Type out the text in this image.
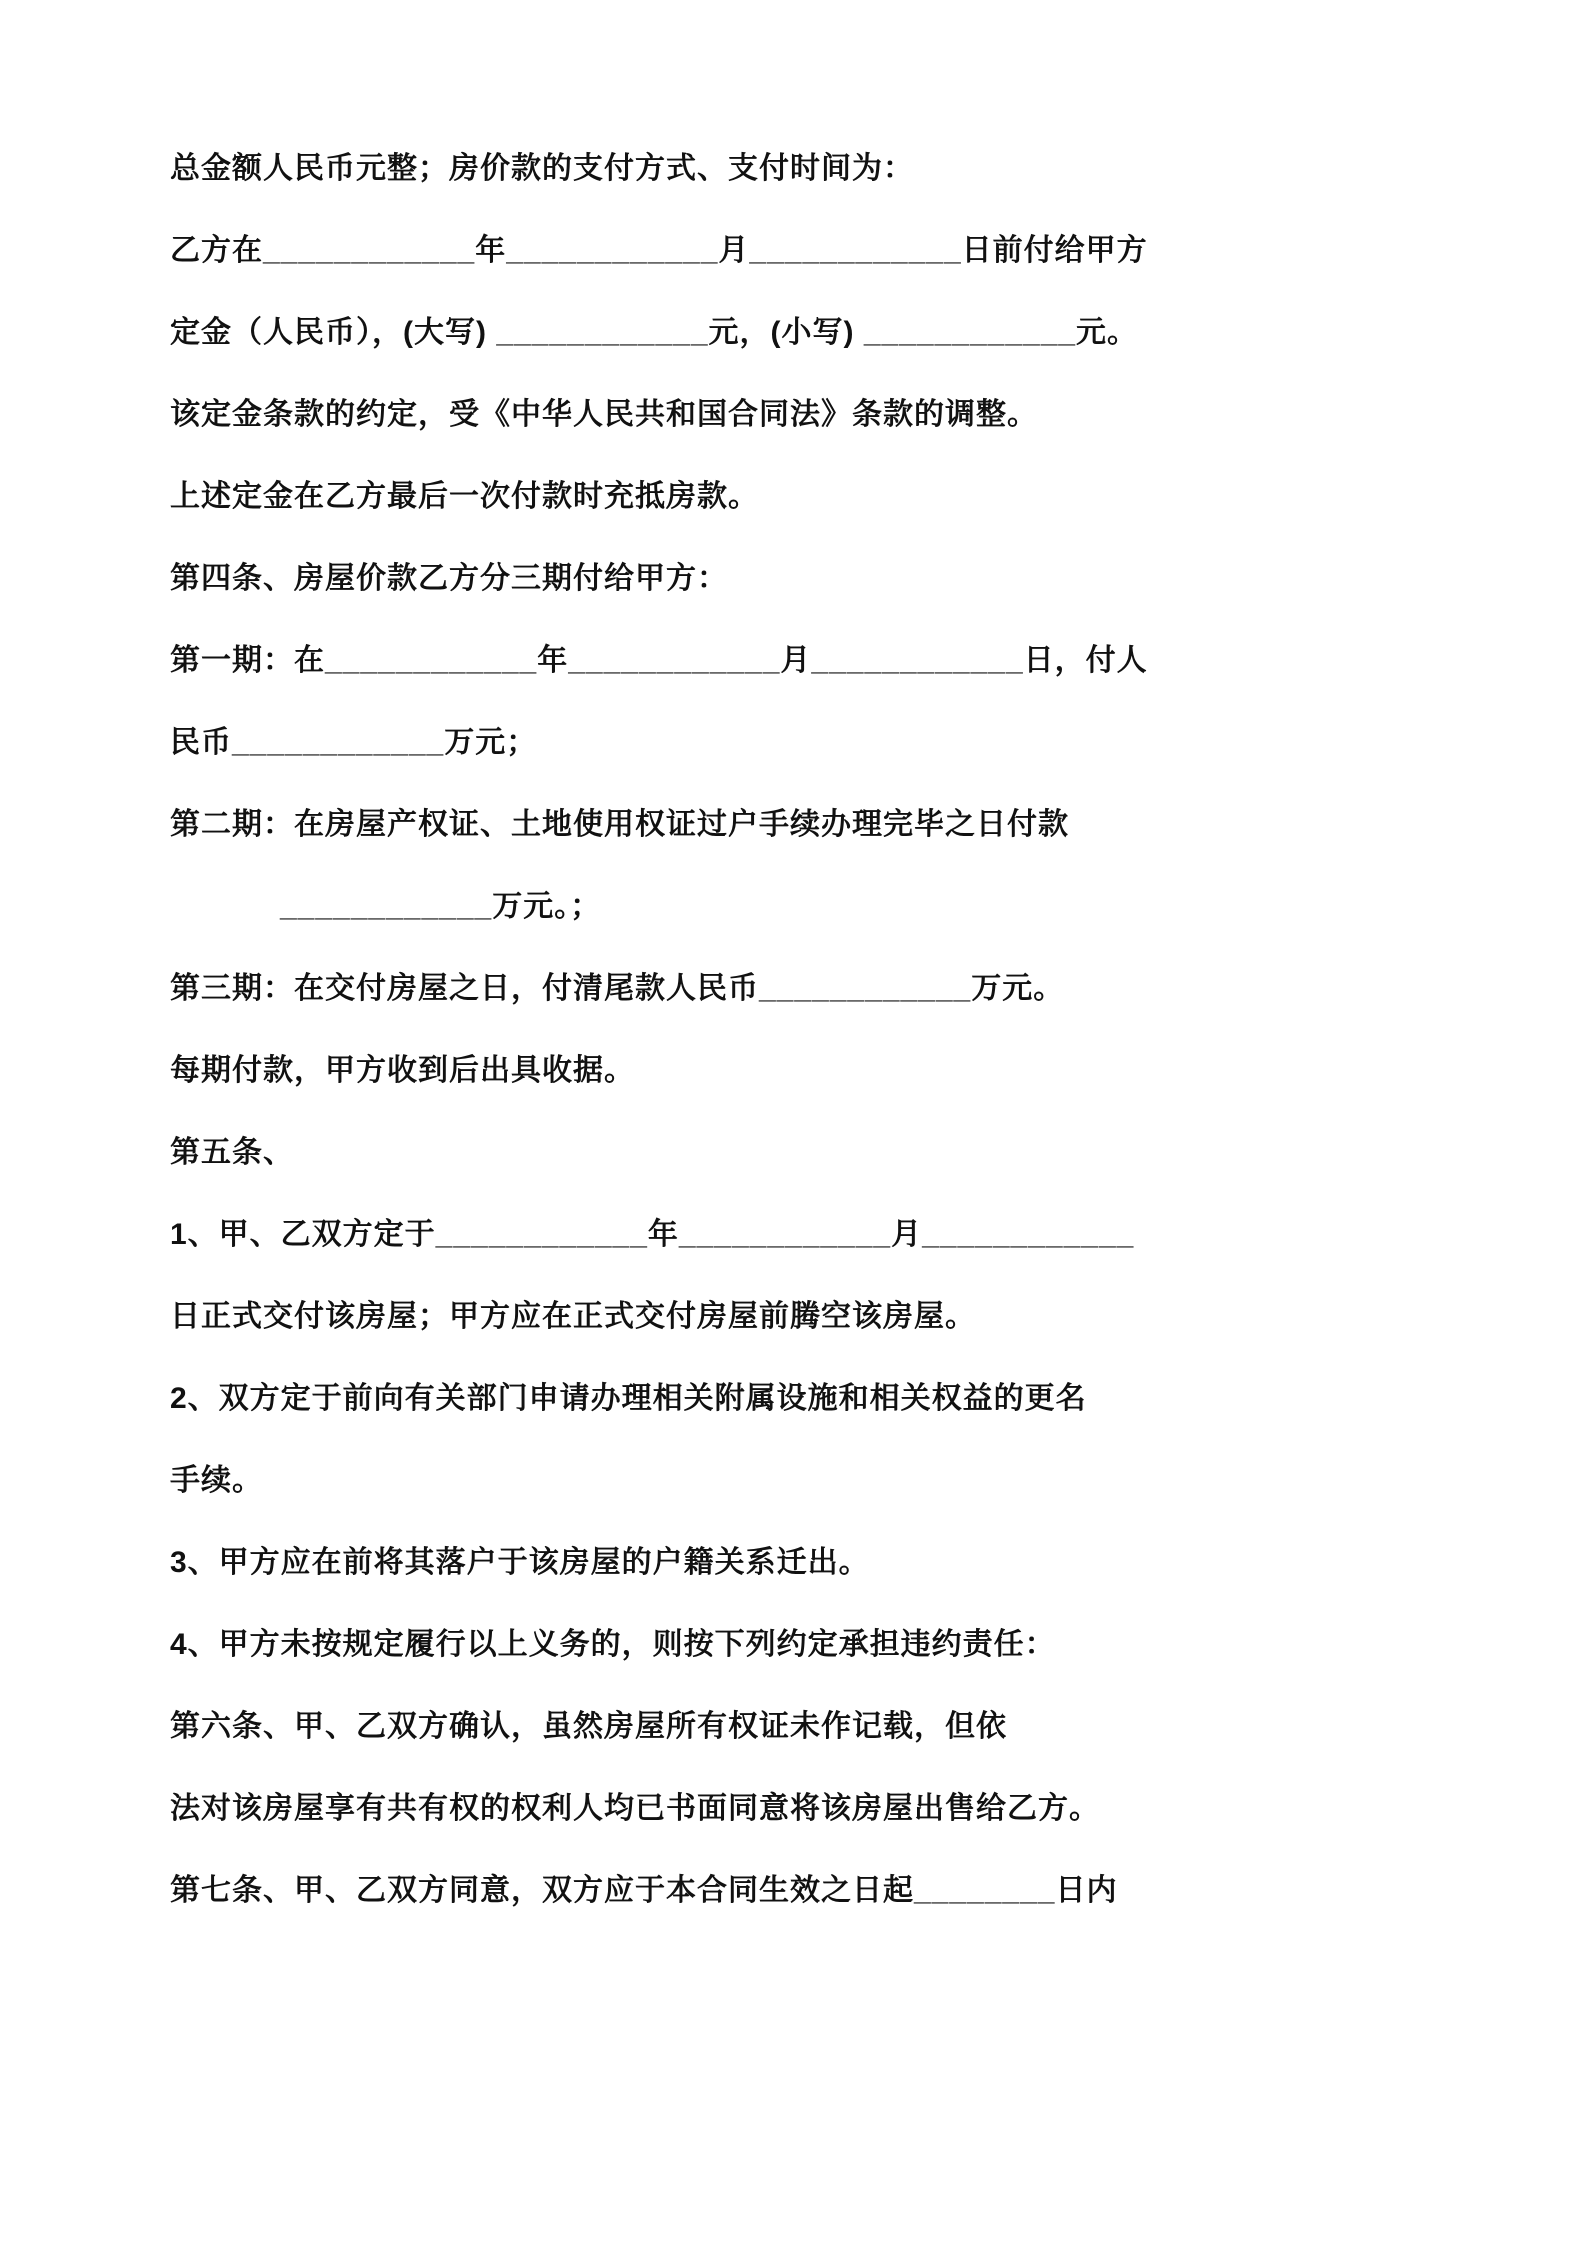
总金额人民币元整；房价款的支付方式、支付时间为：

乙方在____________年____________月____________日前付给甲方

定金（人民币），(大写) ____________元，(小写) ____________元。

该定金条款的约定，受《中华人民共和国合同法》条款的调整。

上述定金在乙方最后一次付款时充抵房款。

第四条、房屋价款乙方分三期付给甲方：

第一期：在____________年____________月____________日，付人

民币____________万元；

第二期：在房屋产权证、土地使用权证过户手续办理完毕之日付款

____________万元。；

第三期：在交付房屋之日，付清尾款人民币____________万元。

每期付款，甲方收到后出具收据。

第五条、

1、甲、乙双方定于____________年____________月____________

日正式交付该房屋；甲方应在正式交付房屋前腾空该房屋。

2、双方定于前向有关部门申请办理相关附属设施和相关权益的更名

手续。

3、甲方应在前将其落户于该房屋的户籍关系迁出。

4、甲方未按规定履行以上义务的，则按下列约定承担违约责任：

第六条、甲、乙双方确认，虽然房屋所有权证未作记载，但依

法对该房屋享有共有权的权利人均已书面同意将该房屋出售给乙方。

第七条、甲、乙双方同意，双方应于本合同生效之日起________日内
